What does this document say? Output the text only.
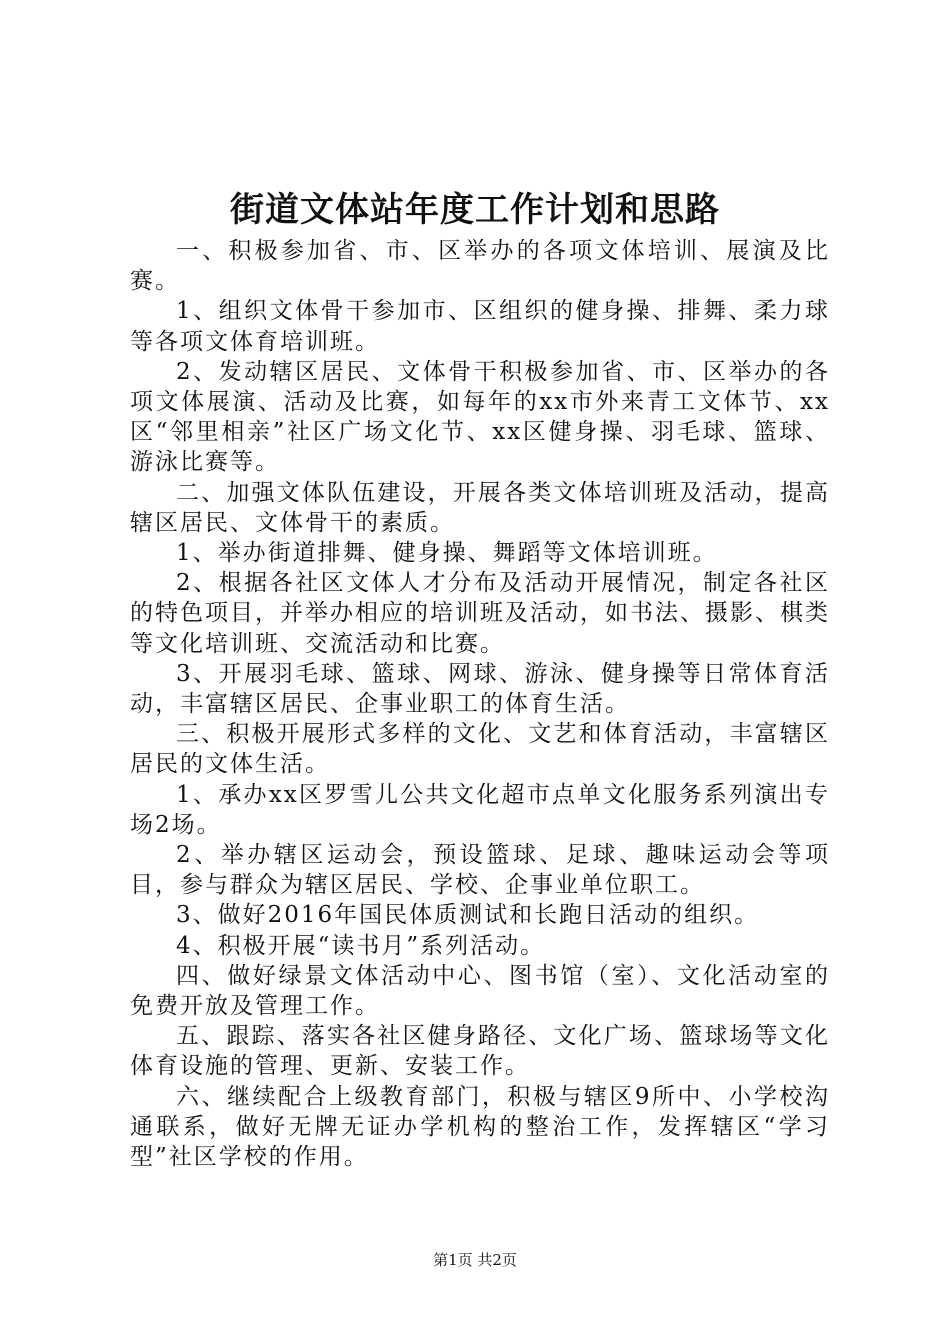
街道文体站年度工作计划和思路

一、积极参加省、市、区举办的各项文体培训、展演及比赛。

1、组织文体骨干参加市、区组织的健身操、排舞、柔力球等各项文体育培训班。

2、发动辖区居民、文体骨干积极参加省、市、区举办的各项文体展演、活动及比赛，如每年的xx市外来青工文体节、xx区“邻里相亲”社区广场文化节、xx区健身操、羽毛球、篮球、游泳比赛等。

二、加强文体队伍建设，开展各类文体培训班及活动，提高辖区居民、文体骨干的素质。

1、举办街道排舞、健身操、舞蹈等文体培训班。

2、根据各社区文体人才分布及活动开展情况，制定各社区的特色项目，并举办相应的培训班及活动，如书法、摄影、棋类等文化培训班、交流活动和比赛。

3、开展羽毛球、篮球、网球、游泳、健身操等日常体育活动，丰富辖区居民、企事业职工的体育生活。

三、积极开展形式多样的文化、文艺和体育活动，丰富辖区居民的文体生活。

1、承办xx区罗雪儿公共文化超市点单文化服务系列演出专场2场。

2、举办辖区运动会，预设篮球、足球、趣味运动会等项目，参与群众为辖区居民、学校、企事业单位职工。

3、做好2016年国民体质测试和长跑日活动的组织。

4、积极开展“读书月”系列活动。

四、做好绿景文体活动中心、图书馆（室）、文化活动室的免费开放及管理工作。

五、跟踪、落实各社区健身路径、文化广场、篮球场等文化体育设施的管理、更新、安装工作。

六、继续配合上级教育部门，积极与辖区9所中、小学校沟通联系，做好无牌无证办学机构的整治工作，发挥辖区“学习型”社区学校的作用。

第1页 共2页
